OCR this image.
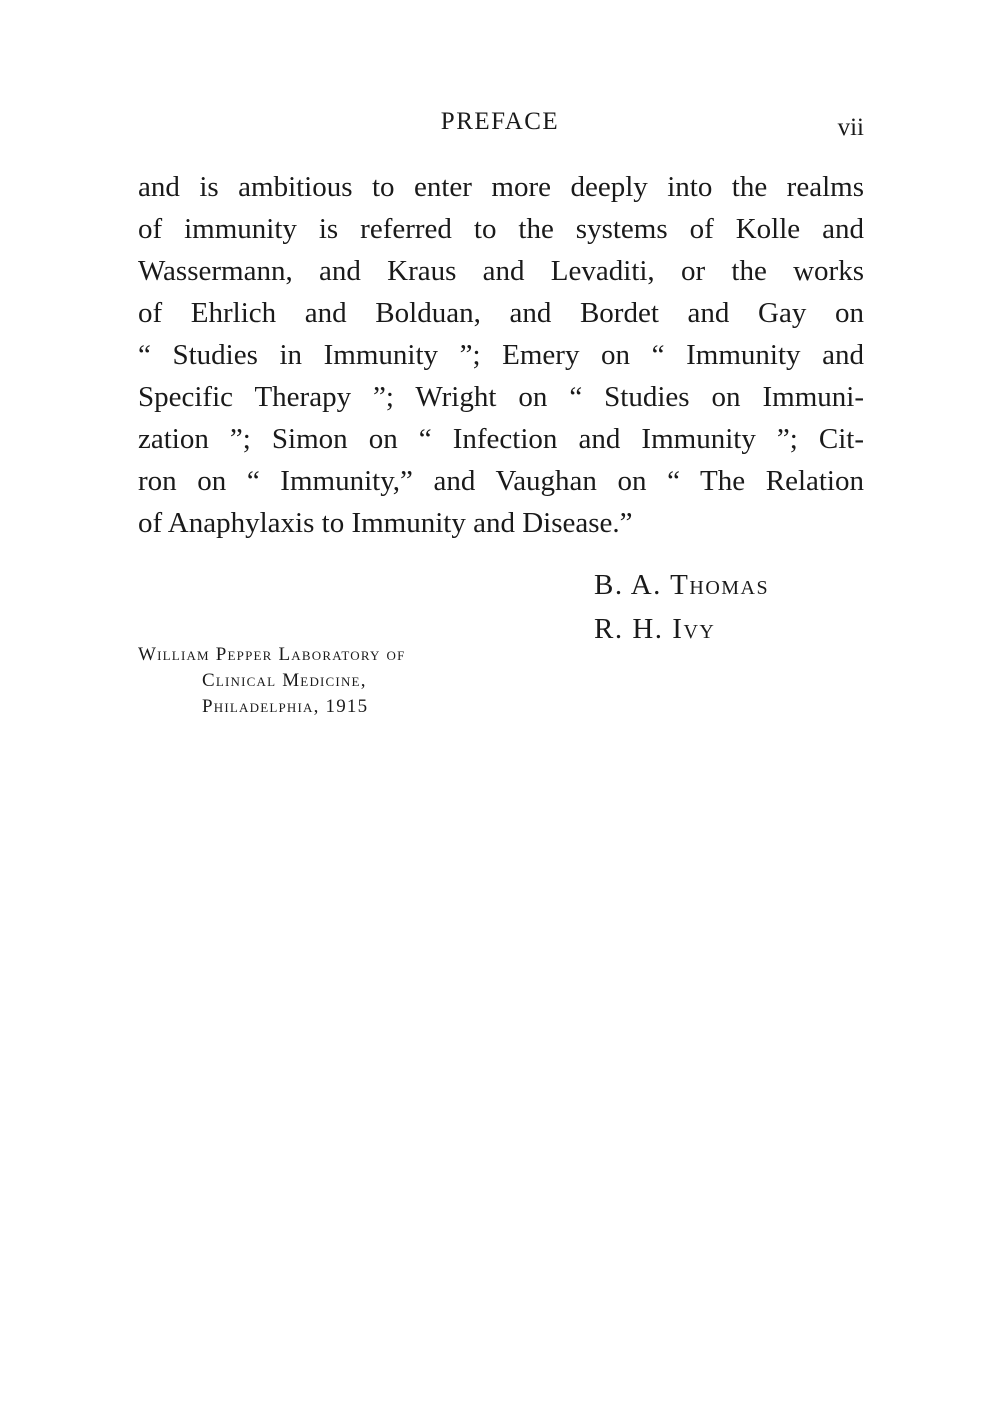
PREFACE	vii
and is ambitious to enter more deeply into the realms
of immunity is referred to the systems of Kolle and
Wassermann, and Kraus and Levaditi, or the works
of Ehrlich and Bolduan, and Bordet and Gay on
“ Studies in Immunity ”; Emery on “ Immunity and
Specific Therapy ”; Wright on “ Studies on Immuni-
zation ”; Simon on “ Infection and Immunity ”; Cit-
ron on “ Immunity,” and Vaughan on “ The Relation
of Anaphylaxis to Immunity and Disease.”
B. A. Thomas
R. H. Ivy
William Pepper Laboratory of
Clinical Medicine,
Philadelphia, 1915
